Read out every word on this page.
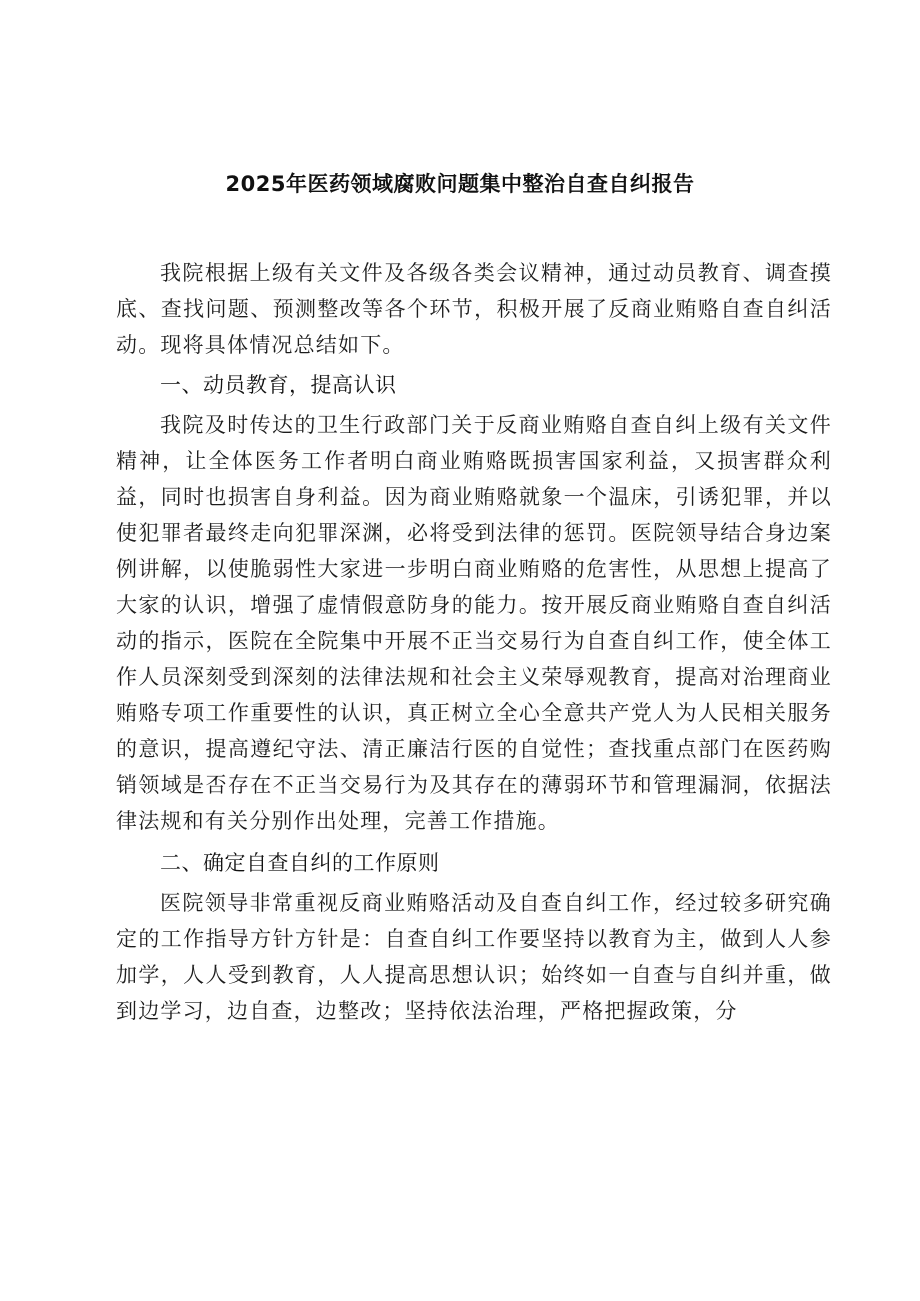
2025年医药领域腐败问题集中整治自查自纠报告

我院根据上级有关文件及各级各类会议精神，通过动员教育、调查摸底、查找问题、预测整改等各个环节，积极开展了反商业贿赂自查自纠活动。现将具体情况总结如下。

一、动员教育，提高认识

我院及时传达的卫生行政部门关于反商业贿赂自查自纠上级有关文件精神，让全体医务工作者明白商业贿赂既损害国家利益，又损害群众利益，同时也损害自身利益。因为商业贿赂就象一个温床，引诱犯罪，并以使犯罪者最终走向犯罪深渊，必将受到法律的惩罚。医院领导结合身边案例讲解，以使脆弱性大家进一步明白商业贿赂的危害性，从思想上提高了大家的认识，增强了虚情假意防身的能力。按开展反商业贿赂自查自纠活动的指示，医院在全院集中开展不正当交易行为自查自纠工作，使全体工作人员深刻受到深刻的法律法规和社会主义荣辱观教育，提高对治理商业贿赂专项工作重要性的认识，真正树立全心全意共产党人为人民相关服务的意识，提高遵纪守法、清正廉洁行医的自觉性；查找重点部门在医药购销领域是否存在不正当交易行为及其存在的薄弱环节和管理漏洞，依据法律法规和有关分别作出处理，完善工作措施。

二、确定自查自纠的工作原则

医院领导非常重视反商业贿赂活动及自查自纠工作，经过较多研究确定的工作指导方针方针是：自查自纠工作要坚持以教育为主，做到人人参加学，人人受到教育，人人提高思想认识；始终如一自查与自纠并重，做到边学习，边自查，边整改；坚持依法治理，严格把握政策，分
